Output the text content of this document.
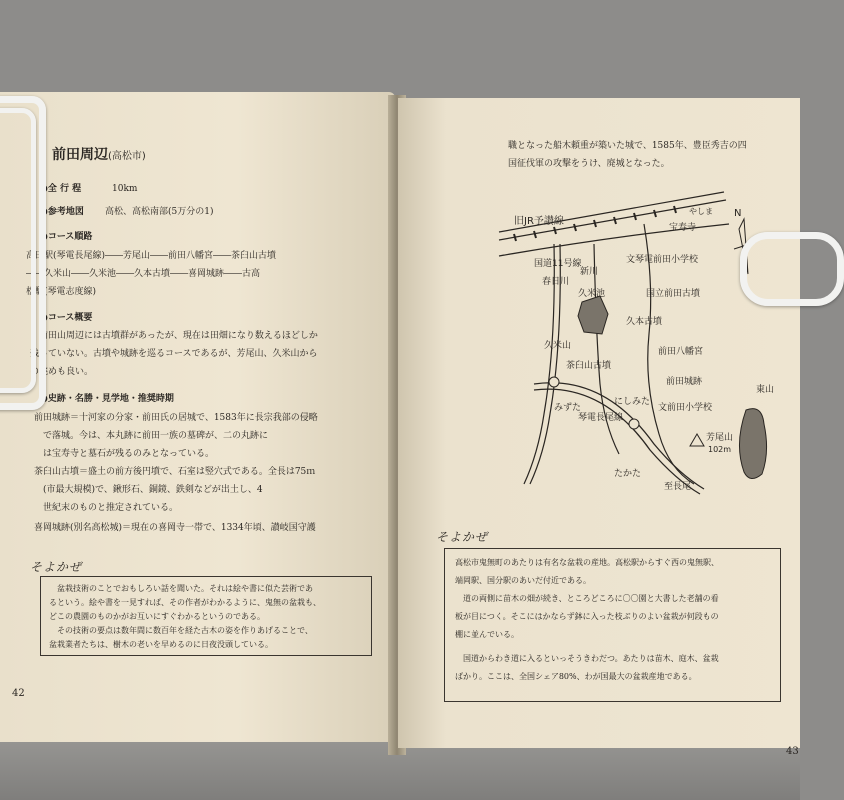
前田周辺(高松市)
●全 行 程	10km
●参考地図 高松、高松南部(5万分の1)
●コース順路
高田駅(琴電長尾線)――芳尾山――前田八幡宮――茶臼山古墳
――久米山――久米池――久本古墳――喜岡城跡――古高
松駅(琴電志度線)
●コース概要
　前田山周辺には古墳群があったが、現在は田畑になり数えるほどしか
残っていない。古墳や城跡を巡るコースであるが、芳尾山、久米山から
の眺めも良い。
●史跡・名勝・見学地・推奨時期
前田城跡＝十河家の分家・前田氏の居城で、1583年に長宗我部の侵略
　で落城。今は、本丸跡に前田一族の墓碑が、二の丸跡に
　は宝寿寺と墓石が残るのみとなっている。
茶臼山古墳＝盛土の前方後円墳で、石室は竪穴式である。全長は75ｍ
　(市最大規模)で、鍬形石、銅鏡、鉄剣などが出土し、4
　世紀末のものと推定されている。
喜岡城跡(別名高松城)＝現在の喜岡寺一帯で、1334年頃、讃岐国守護
そよかぜ
　盆栽技術のことでおもしろい話を聞いた。それは絵や書に似た芸術であ
るという。絵や書を一見すれば、その作者がわかるように、鬼無の盆栽も、
どこの農園のものかがお互いにすぐわかるというのである。
　その技術の要点は数年間に数百年を経た古木の姿を作りあげることで、
盆栽業者たちは、樹木の老いを早めるのに日夜没頭している。
42
職となった船木頼重が築いた城で、1585年、豊臣秀吉の四
国征伐軍の攻撃をうけ、廃城となった。
そよかぜ
高松市鬼無町のあたりは有名な盆栽の産地。高松駅からすぐ西の鬼無駅、
端岡駅、国分駅のあいだ付近である。
　道の両側に苗木の畑が続き、ところどころに〇〇園と大書した老舗の看
板が目につく。そこにはかならず鉢に入った枝ぶりのよい盆栽が何段もの
棚に並んでいる。
　国道からわき道に入るといっそうきわだつ。あたりは苗木、庭木、盆栽
ばかり。ここは、全国シェア80%、わが国最大の盆栽産地である。
43
旧JR予讃線
やしま
宝寿寺
国道11号線	文琴電前田小学校
春日川
新川
久米池	国立前田古墳
久本古墳
久米山
茶臼山古墳
前田八幡宮
にしみた
琴電長尾線
前田城跡
文前田小学校
みずた
芳尾山
102m
たかた
至長尾
東山
N
